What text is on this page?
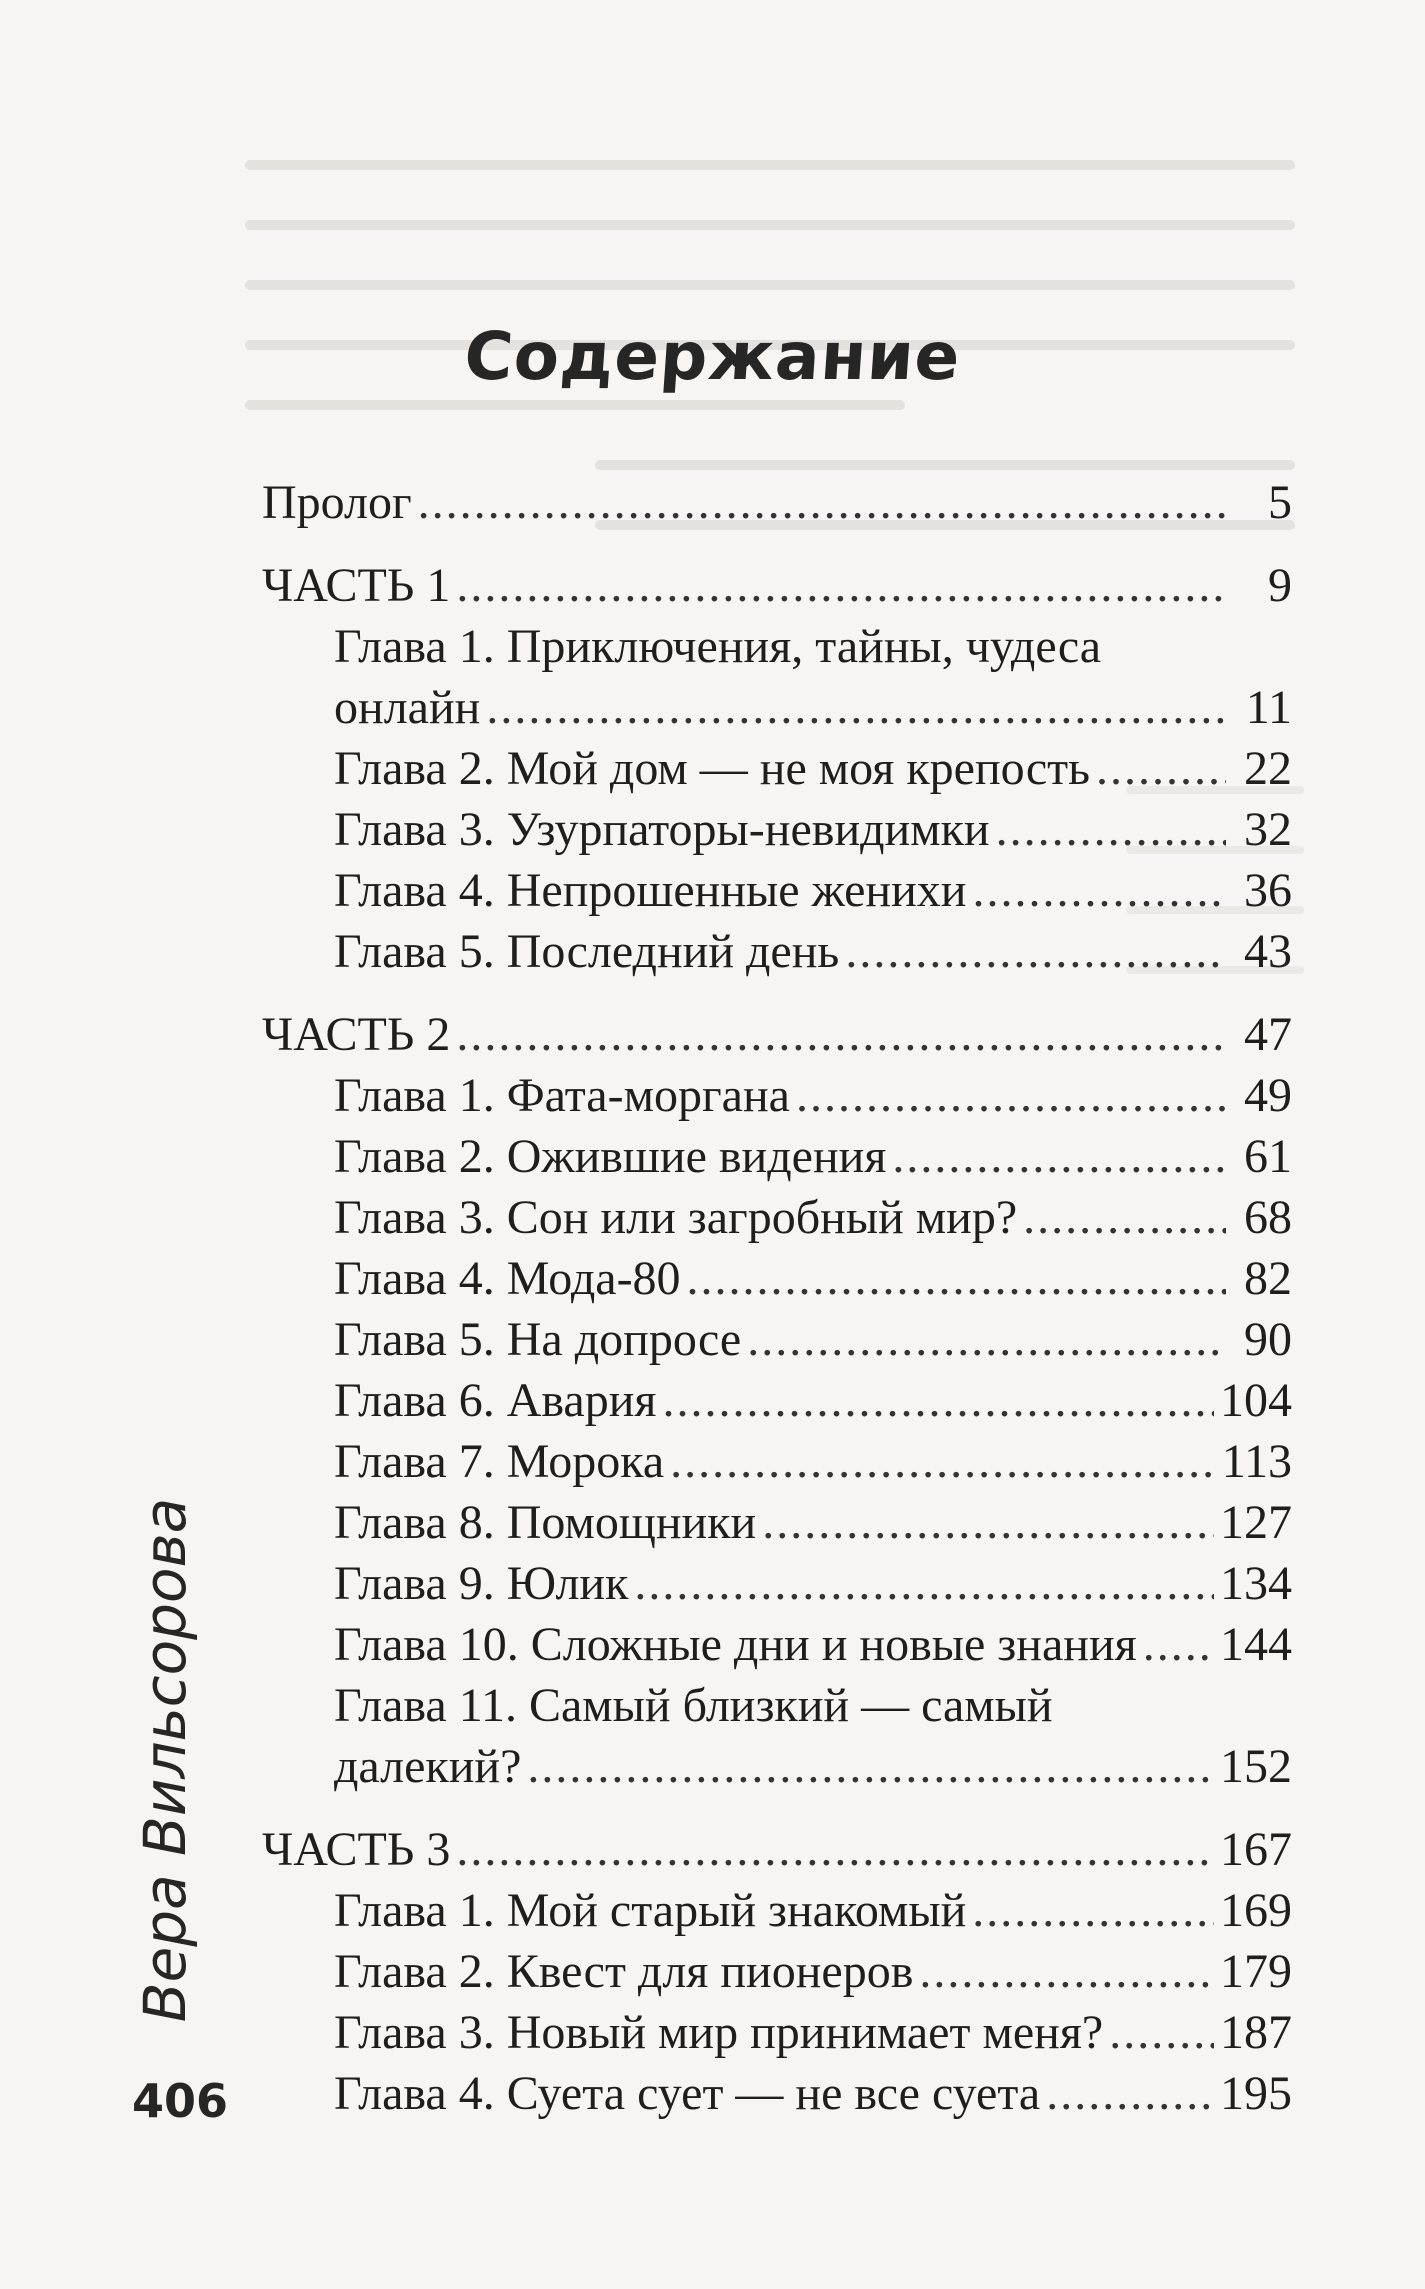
Содержание
Пролог .....	5
ЧАСТЬ 1 .....	9
Глава 1. Приключения, тайны, чудеса
онлайн .....	11
Глава 2. Мой дом — не моя крепость .....	22
Глава 3. Узурпаторы-невидимки .....	32
Глава 4. Непрошенные женихи .....	36
Глава 5. Последний день .....	43
ЧАСТЬ 2 .....	47
Глава 1. Фата-моргана .....	49
Глава 2. Ожившие видения .....	61
Глава 3. Сон или загробный мир? .....	68
Глава 4. Мода-80 .....	82
Глава 5. На допросе .....	90
Глава 6. Авария .....	104
Глава 7. Морока .....	113
Глава 8. Помощники .....	127
Глава 9. Юлик .....	134
Глава 10. Сложные дни и новые знания ..... 144
Глава 11. Самый близкий — самый
далекий? .....	152
ЧАСТЬ 3 .....	167
Глава 1. Мой старый знакомый .....	169
Глава 2. Квест для пионеров .....	179
Глава 3. Новый мир принимает меня? ..... 187
Глава 4. Суета сует — не все суета .....	195
Вера Вильсорова
406
